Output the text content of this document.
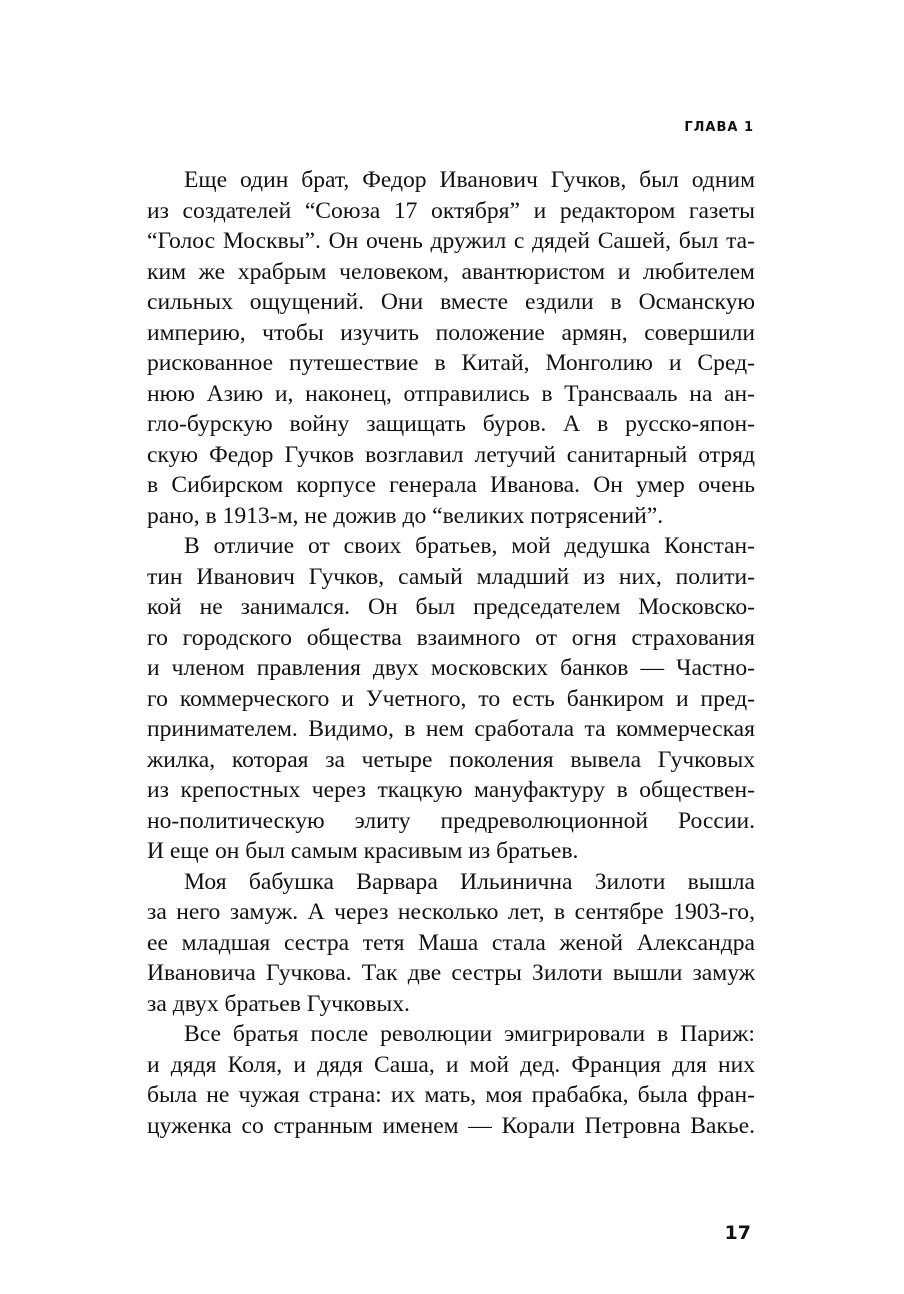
ГЛАВА 1
Еще один брат, Федор Иванович Гучков, был одним
из создателей “Союза 17 октября” и редактором газеты
“Голос Москвы”. Он очень дружил с дядей Сашей, был та-
ким же храбрым человеком, авантюристом и любителем
сильных ощущений. Они вместе ездили в Османскую
империю, чтобы изучить положение армян, совершили
рискованное путешествие в Китай, Монголию и Сред-
нюю Азию и, наконец, отправились в Трансвааль на ан-
гло-бурскую войну защищать буров. А в русско-япон-
скую Федор Гучков возглавил летучий санитарный отряд
в Сибирском корпусе генерала Иванова. Он умер очень
рано, в 1913-м, не дожив до “великих потрясений”.
В отличие от своих братьев, мой дедушка Констан-
тин Иванович Гучков, самый младший из них, полити-
кой не занимался. Он был председателем Московско-
го городского общества взаимного от огня страхования
и членом правления двух московских банков — Частно-
го коммерческого и Учетного, то есть банкиром и пред-
принимателем. Видимо, в нем сработала та коммерческая
жилка, которая за четыре поколения вывела Гучковых
из крепостных через ткацкую мануфактуру в обществен-
но-политическую элиту предреволюционной России.
И еще он был самым красивым из братьев.
Моя бабушка Варвара Ильинична Зилоти вышла
за него замуж. А через несколько лет, в сентябре 1903-го,
ее младшая сестра тетя Маша стала женой Александра
Ивановича Гучкова. Так две сестры Зилоти вышли замуж
за двух братьев Гучковых.
Все братья после революции эмигрировали в Париж:
и дядя Коля, и дядя Саша, и мой дед. Франция для них
была не чужая страна: их мать, моя прабабка, была фран-
цуженка со странным именем — Корали Петровна Вакье.
17
